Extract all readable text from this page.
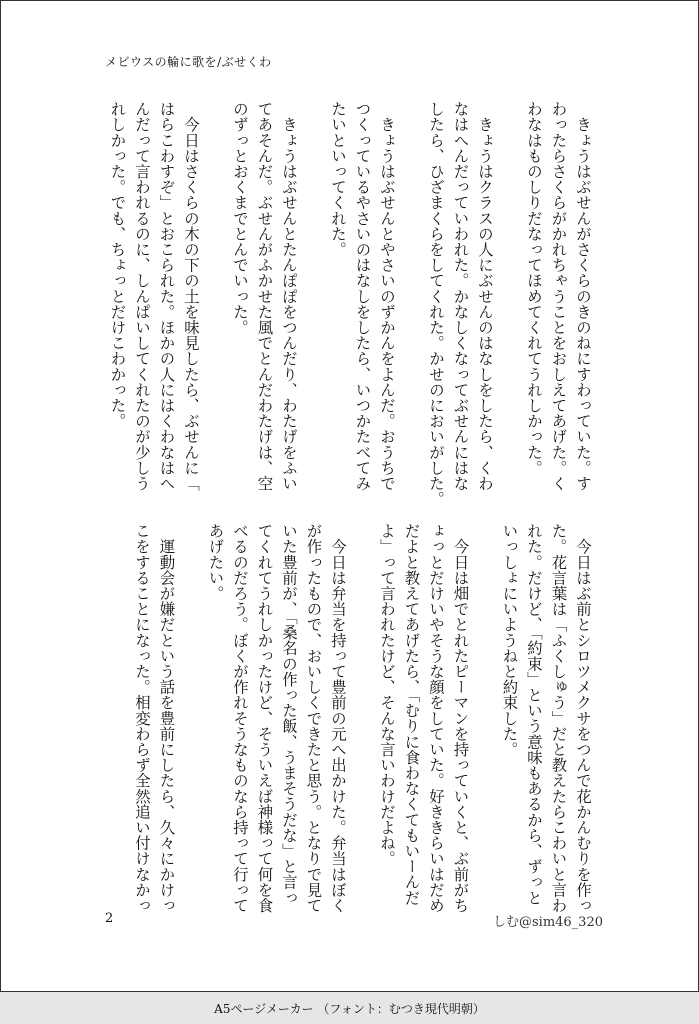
メビウスの輪に歌を/ぶせくわ
　きょうはぶせんがさくらのきのねにすわっていた。す
わったらさくらがかれちゃうことをおしえてあげた。く
わなはものしりだなってほめてくれてうれしかった。
　きょうはクラスの人にぶせんのはなしをしたら、くわ
なはへんだっていわれた。かなしくなってぶせんにはな
したら、ひざまくらをしてくれた。かせのにおいがした。
　きょうはぶせんとやさいのずかんをよんだ。おうちで
つくっているやさいのはなしをしたら、いつかたべてみ
たいといってくれた。
　きょうはぶせんとたんぽぽをつんだり、わたげをふい
てあそんだ。ぶせんがふかせた風でとんだわたげは、空
のずっとおくまでとんでいった。
　今日はさくらの木の下の土を味見したら、ぶせんに「
はらこわすぞ」とおこられた。ほかの人にはくわなはへ
んだって言われるのに、しんぱいしてくれたのが少しう
れしかった。でも、ちょっとだけこわかった。
　今日はぶ前とシロツメクサをつんで花かんむりを作っ
た。花言葉は「ふくしゅう」だと教えたらこわいと言わ
れた。だけど、「約束」という意味もあるから、ずっと
いっしょにいようねと約束した。
　今日は畑でとれたピーマンを持っていくと、ぶ前がち
ょっとだけいやそうな顔をしていた。好ききらいはだめ
だよと教えてあげたら、「むりに食わなくてもいーんだ
よ」って言われたけど、そんな言いわけだよね。
　今日は弁当を持って豊前の元へ出かけた。弁当はぼく
が作ったもので、おいしくできたと思う。となりで見て
いた豊前が、「桑名の作った飯、うまそうだな」と言っ
てくれてうれしかったけど、そういえば神様って何を食
べるのだろう。ぼくが作れそうなものなら持って行って
あげたい。
　運動会が嫌だという話を豊前にしたら、久々にかけっ
こをすることになった。相変わらず全然追い付けなかっ
2	しむ@sim46_320
A5ページメーカー （フォント：むつき現代明朝）
